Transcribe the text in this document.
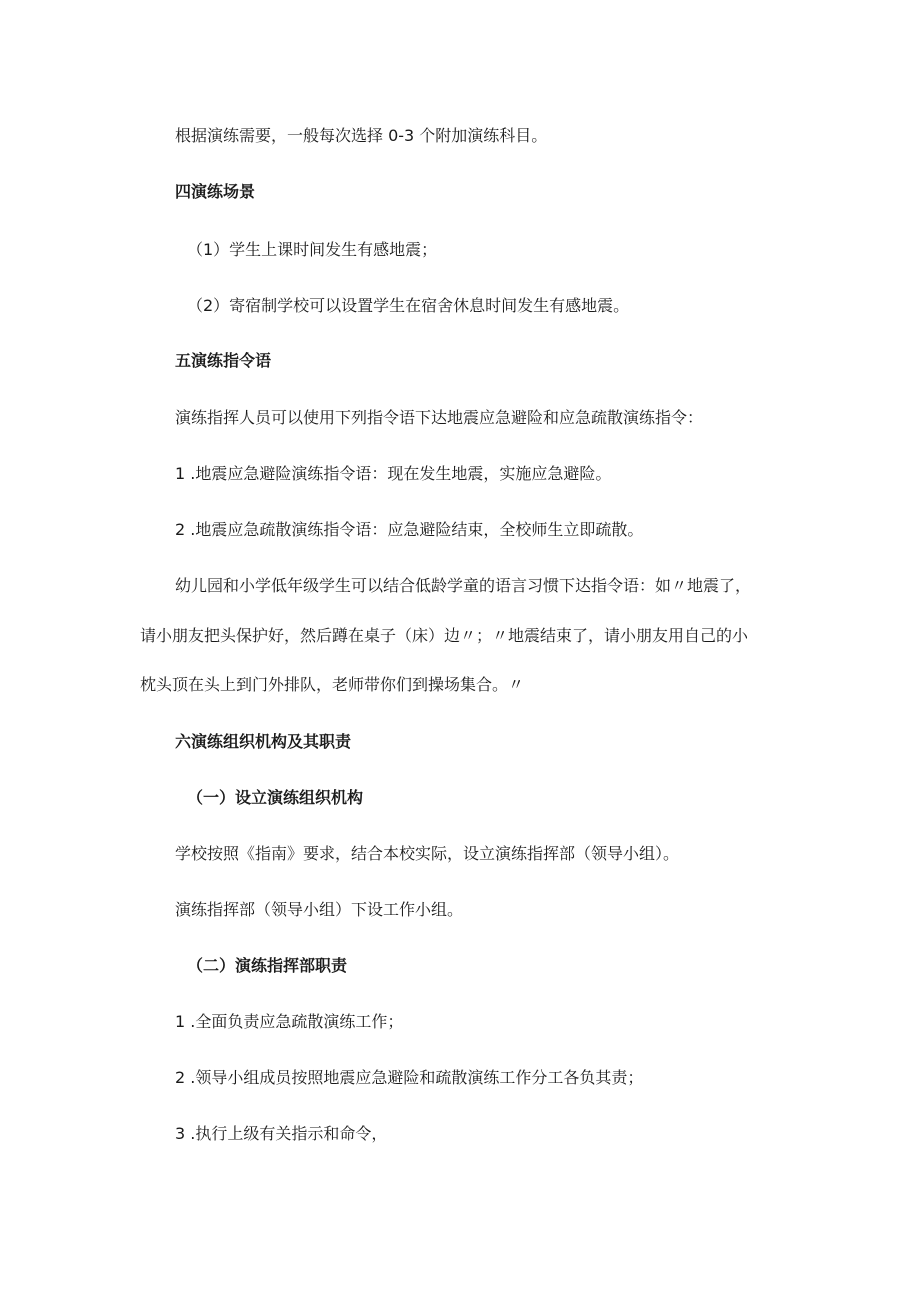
根据演练需要，一般每次选择 0-3 个附加演练科目。
四演练场景
（1）学生上课时间发生有感地震；
（2）寄宿制学校可以设置学生在宿舍休息时间发生有感地震。
五演练指令语
演练指挥人员可以使用下列指令语下达地震应急避险和应急疏散演练指令：
1 .地震应急避险演练指令语：现在发生地震，实施应急避险。
2 .地震应急疏散演练指令语：应急避险结束，全校师生立即疏散。
幼儿园和小学低年级学生可以结合低龄学童的语言习惯下达指令语：如〃地震了，
请小朋友把头保护好，然后蹲在桌子（床）边〃；〃地震结束了，请小朋友用自己的小
枕头顶在头上到门外排队，老师带你们到操场集合。〃
六演练组织机构及其职责
（一）设立演练组织机构
学校按照《指南》要求，结合本校实际，设立演练指挥部（领导小组）。
演练指挥部（领导小组）下设工作小组。
（二）演练指挥部职责
1 .全面负责应急疏散演练工作；
2 .领导小组成员按照地震应急避险和疏散演练工作分工各负其责；
3 .执行上级有关指示和命令，
